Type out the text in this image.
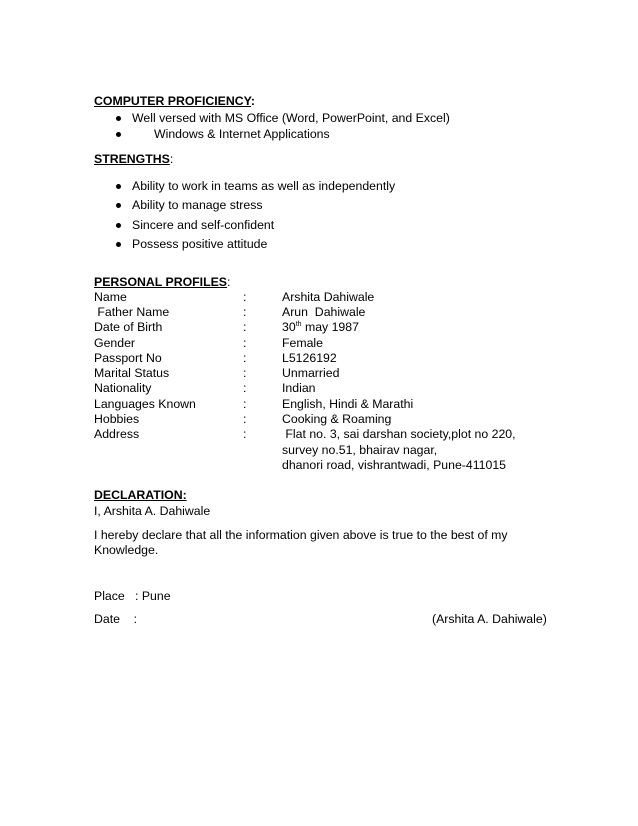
COMPUTER PROFICIENCY:
Well versed with MS Office (Word, PowerPoint, and Excel)
Windows & Internet Applications
STRENGTHS:
Ability to work in teams as well as independently
Ability to manage stress
Sincere and self-confident
Possess positive attitude
PERSONAL PROFILES:
Name	:	Arshita Dahiwale
Father Name	:	Arun  Dahiwale
Date of Birth	:	30th may 1987
Gender	:	Female
Passport No	:	L5126192
Marital Status	:	Unmarried
Nationality	:	Indian
Languages Known	:	English, Hindi & Marathi
Hobbies	:	Cooking & Roaming
Address	:	Flat no. 3, sai darshan society,plot no 220,
survey no.51, bhairav nagar,
dhanori road, vishrantwadi, Pune-411015
DECLARATION:
I, Arshita A. Dahiwale
I hereby declare that all the information given above is true to the best of my
Knowledge.
Place   : Pune
Date    :	(Arshita A. Dahiwale)
